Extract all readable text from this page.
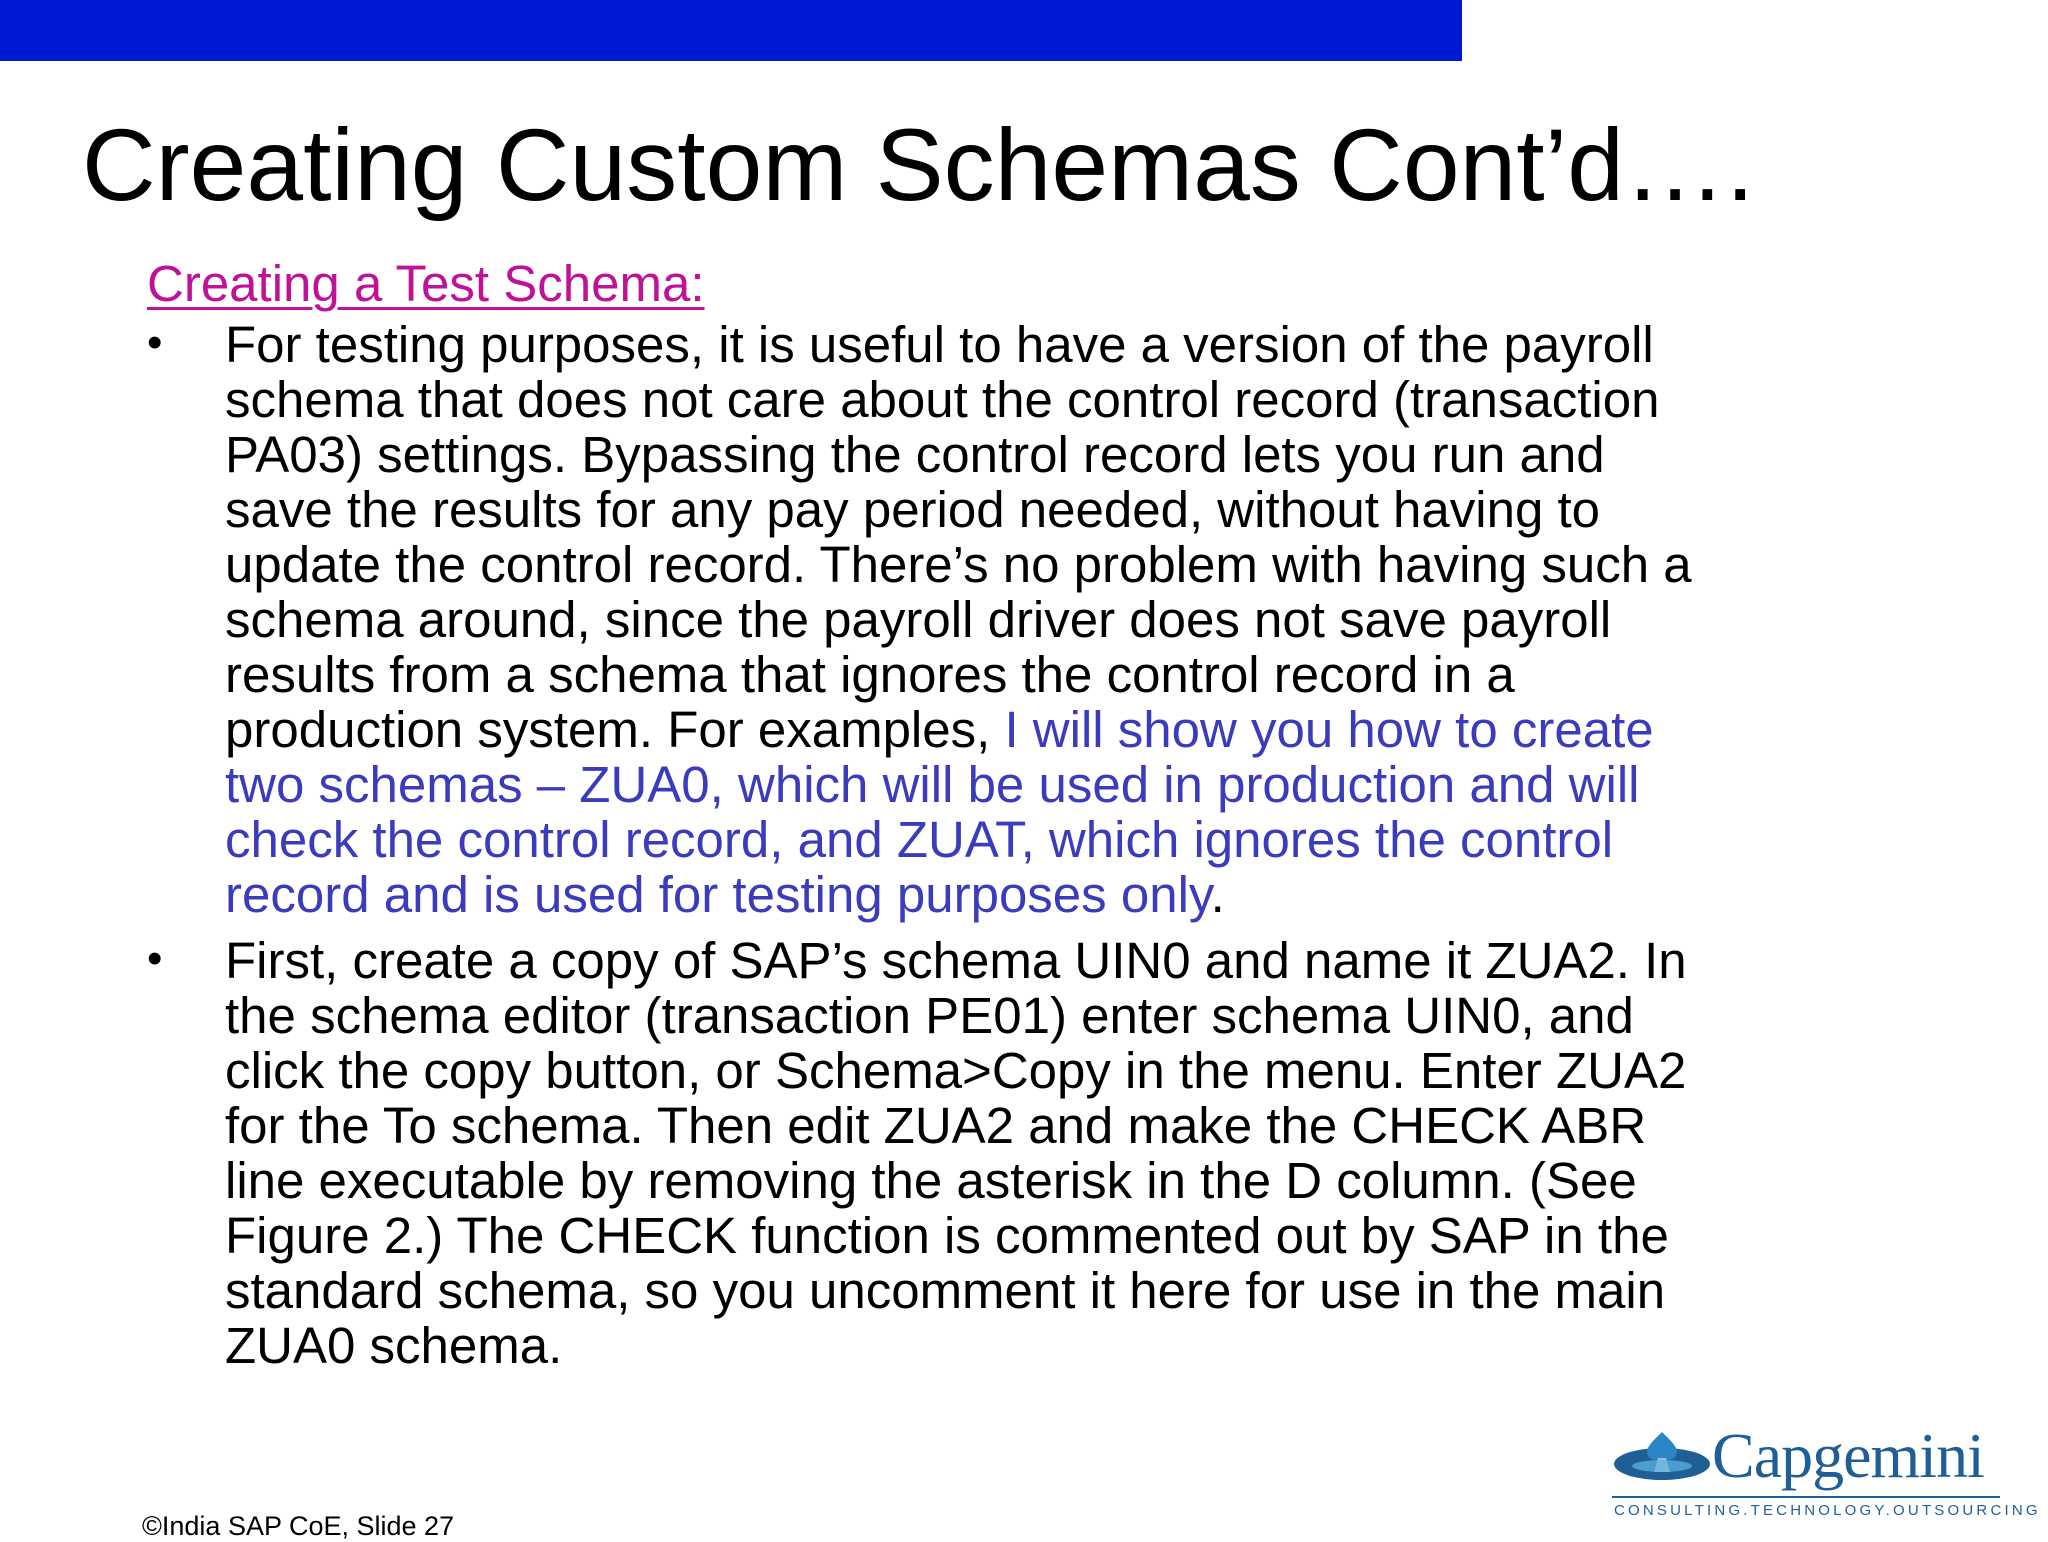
Creating Custom Schemas Cont’d….
Creating a Test Schema:
• For testing purposes, it is useful to have a version of the payroll
schema that does not care about the control record (transaction
PA03) settings. Bypassing the control record lets you run and
save the results for any pay period needed, without having to
update the control record. There’s no problem with having such a
schema around, since the payroll driver does not save payroll
results from a schema that ignores the control record in a
production system. For examples, I will show you how to create
two schemas – ZUA0, which will be used in production and will
check the control record, and ZUAT, which ignores the control
record and is used for testing purposes only.
• First, create a copy of SAP’s schema UIN0 and name it ZUA2. In
the schema editor (transaction PE01) enter schema UIN0, and
click the copy button, or Schema>Copy in the menu. Enter ZUA2
for the To schema. Then edit ZUA2 and make the CHECK ABR
line executable by removing the asterisk in the D column. (See
Figure 2.) The CHECK function is commented out by SAP in the
standard schema, so you uncomment it here for use in the main
ZUA0 schema.
©India SAP CoE, Slide 27
Capgemini
CONSULTING.TECHNOLOGY.OUTSOURCING
